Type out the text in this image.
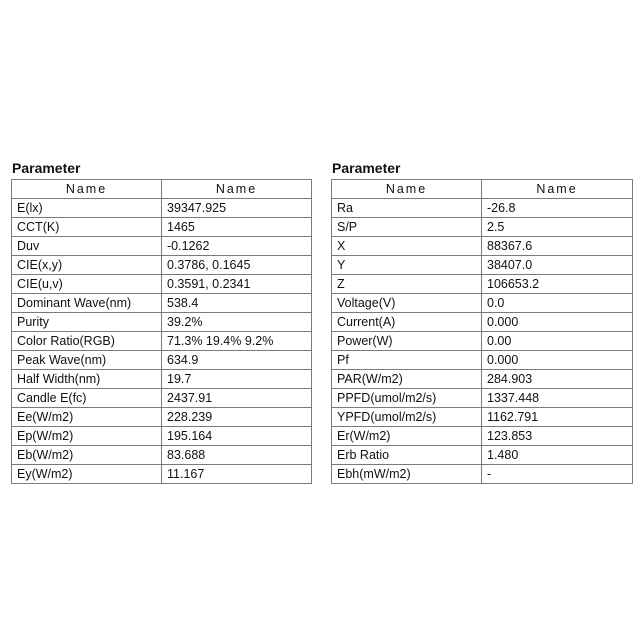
Parameter
Name	Name
E(lx)	39347.925
CCT(K)	1465
Duv	-0.1262
CIE(x,y)	0.3786, 0.1645
CIE(u,v)	0.3591, 0.2341
Dominant Wave(nm)	538.4
Purity	39.2%
Color Ratio(RGB)	71.3% 19.4% 9.2%
Peak Wave(nm)	634.9
Half Width(nm)	19.7
Candle E(fc)	2437.91
Ee(W/m2)	228.239
Ep(W/m2)	195.164
Eb(W/m2)	83.688
Ey(W/m2)	11.167
Parameter
Name	Name
Ra	-26.8
S/P	2.5
X	88367.6
Y	38407.0
Z	106653.2
Voltage(V)	0.0
Current(A)	0.000
Power(W)	0.00
Pf	0.000
PAR(W/m2)	284.903
PPFD(umol/m2/s)	1337.448
YPFD(umol/m2/s)	1162.791
Er(W/m2)	123.853
Erb Ratio	1.480
Ebh(mW/m2)	-
